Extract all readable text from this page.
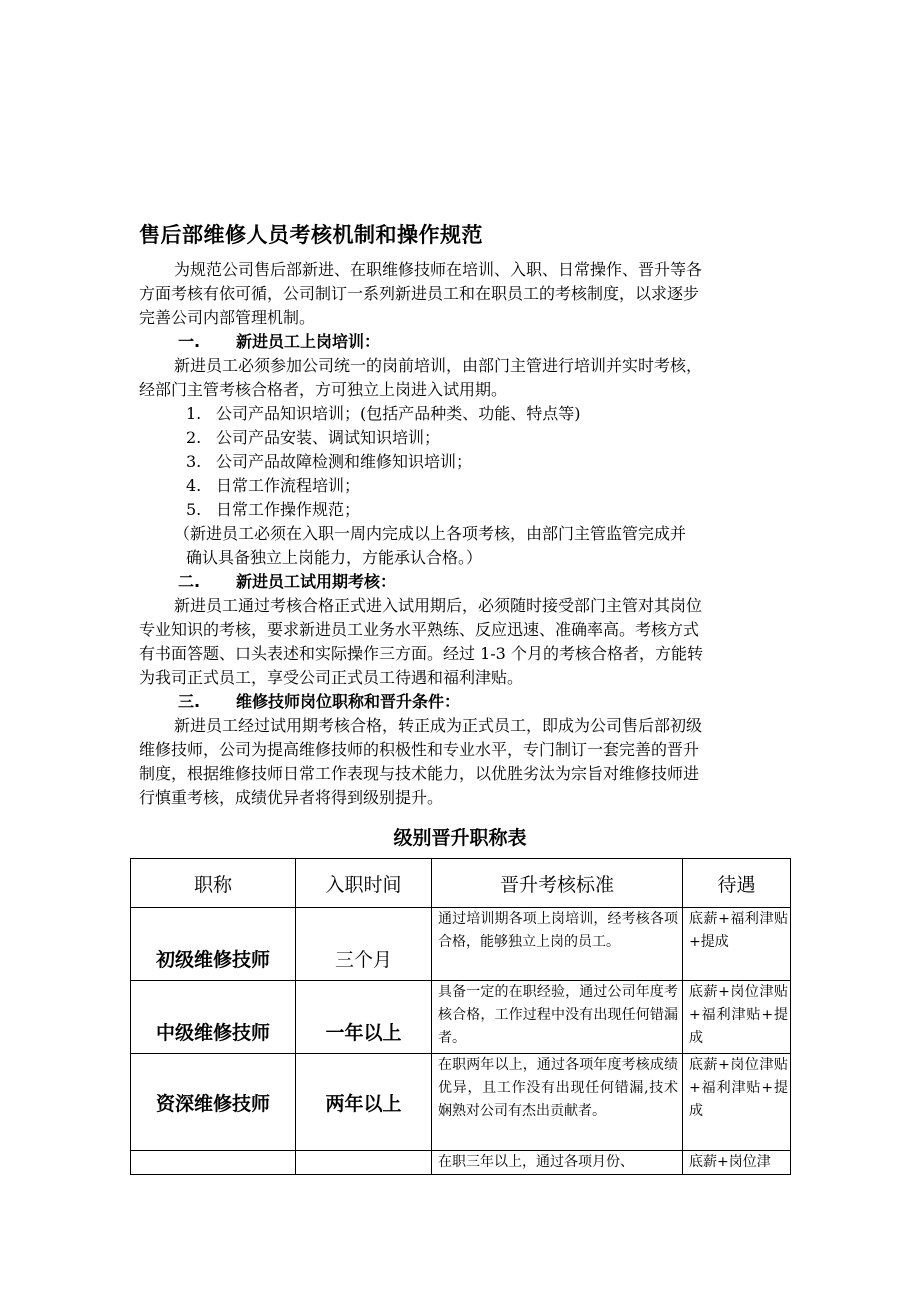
售后部维修人员考核机制和操作规范
为规范公司售后部新进、在职维修技师在培训、入职、日常操作、晋升等各
方面考核有依可循，公司制订一系列新进员工和在职员工的考核制度，以求逐步
完善公司内部管理机制。
一. 新进员工上岗培训：
新进员工必须参加公司统一的岗前培训，由部门主管进行培训并实时考核，
经部门主管考核合格者，方可独立上岗进入试用期。
1. 公司产品知识培训；(包括产品种类、功能、特点等)
2. 公司产品安装、调试知识培训；
3. 公司产品故障检测和维修知识培训；
4. 日常工作流程培训；
5. 日常工作操作规范；
（新进员工必须在入职一周内完成以上各项考核，由部门主管监管完成并
确认具备独立上岗能力，方能承认合格。）
二. 新进员工试用期考核：
新进员工通过考核合格正式进入试用期后，必须随时接受部门主管对其岗位
专业知识的考核，要求新进员工业务水平熟练、反应迅速、准确率高。考核方式
有书面答题、口头表述和实际操作三方面。经过 1-3 个月的考核合格者，方能转
为我司正式员工，享受公司正式员工待遇和福利津贴。
三. 维修技师岗位职称和晋升条件：
新进员工经过试用期考核合格，转正成为正式员工，即成为公司售后部初级
维修技师，公司为提高维修技师的积极性和专业水平，专门制订一套完善的晋升
制度，根据维修技师日常工作表现与技术能力，以优胜劣汰为宗旨对维修技师进
行慎重考核，成绩优异者将得到级别提升。
级别晋升职称表
职称	入职时间	晋升考核标准	待遇
初级维修技师	三个月	通过培训期各项上岗培训，经考核各项合格，能够独立上岗的员工。	底薪+福利津贴+提成
中级维修技师	一年以上	具备一定的在职经验，通过公司年度考核合格，工作过程中没有出现任何错漏者。	底薪+岗位津贴+福利津贴+提成
资深维修技师	两年以上	在职两年以上，通过各项年度考核成绩优异，且工作没有出现任何错漏,技术娴熟对公司有杰出贡献者。	底薪+岗位津贴+福利津贴+提成
		在职三年以上，通过各项月份、	底薪+岗位津
